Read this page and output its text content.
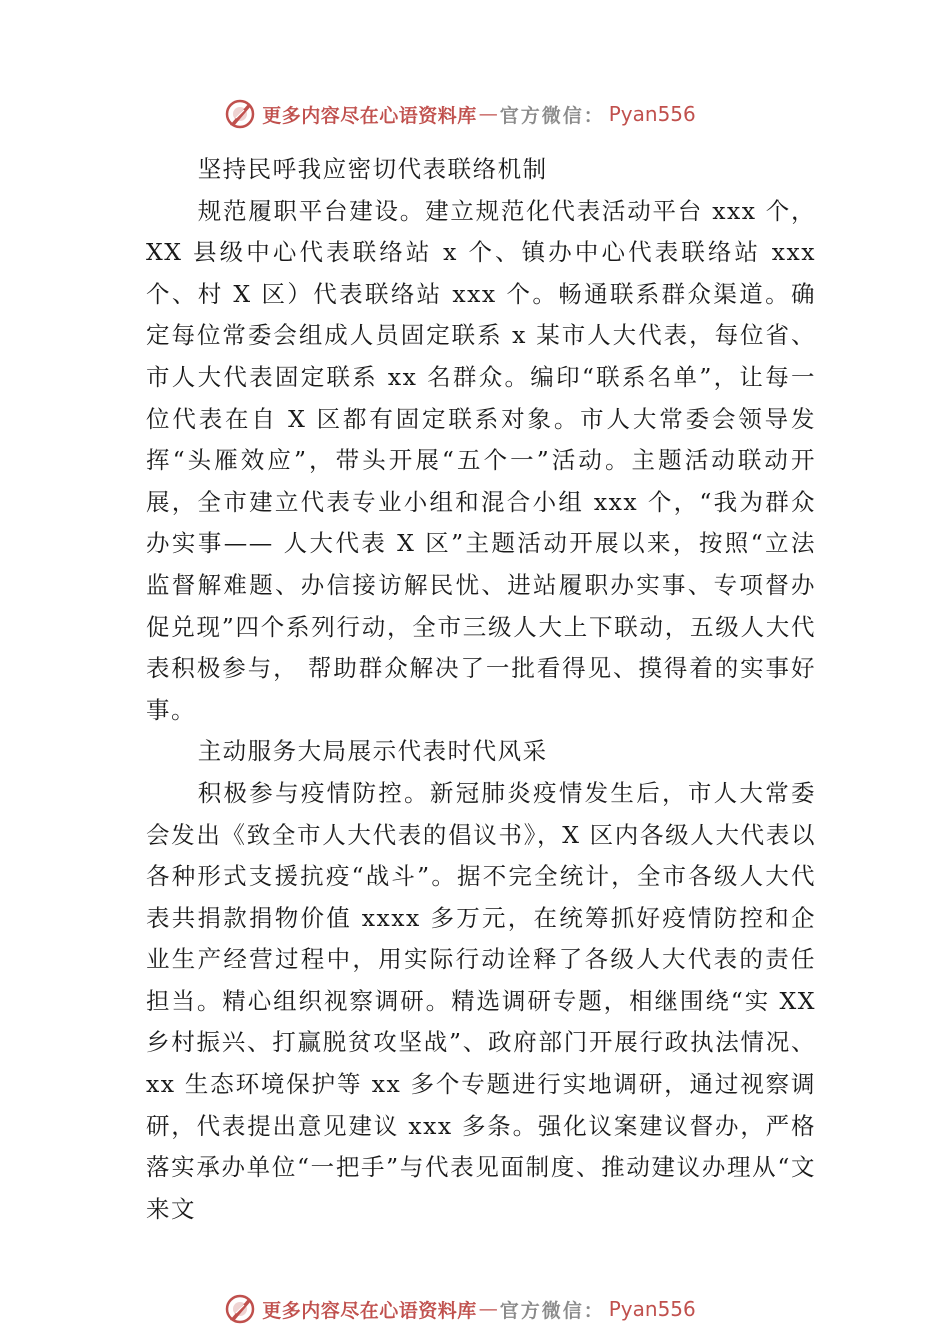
更多内容尽在心语资料库 — 官方微信： Pyan556

坚持民呼我应密切代表联络机制

规范履职平台建设。建立规范化代表活动平台 xxx 个，XX 县级中心代表联络站 x 个、镇办中心代表联络站 xxx 个、村 X 区）代表联络站 xxx 个。畅通联系群众渠道。确定每位常委会组成人员固定联系 x 某市人大代表，每位省、市人大代表固定联系 xx 名群众。编印“联系名单”，让每一位代表在自 X 区都有固定联系对象。市人大常委会领导发挥“头雁效应”，带头开展“五个一”活动。主题活动联动开展，全市建立代表专业小组和混合小组 xxx 个，“我为群众办实事—— 人大代表 X 区”主题活动开展以来，按照“立法监督解难题、办信接访解民忧、进站履职办实事、专项督办促兑现”四个系列行动，全市三级人大上下联动，五级人大代表积极参与， 帮助群众解决了一批看得见、摸得着的实事好事。

主动服务大局展示代表时代风采

积极参与疫情防控。新冠肺炎疫情发生后，市人大常委会发出《致全市人大代表的倡议书》，X 区内各级人大代表以各种形式支援抗疫“战斗”。据不完全统计，全市各级人大代表共捐款捐物价值 xxxx 多万元，在统筹抓好疫情防控和企业生产经营过程中，用实际行动诠释了各级人大代表的责任担当。精心组织视察调研。精选调研专题，相继围绕“实 XX 乡村振兴、打赢脱贫攻坚战”、政府部门开展行政执法情况、xx 生态环境保护等 xx 多个专题进行实地调研，通过视察调研，代表提出意见建议 xxx 多条。强化议案建议督办，严格落实承办单位“一把手”与代表见面制度、推动建议办理从“文来文

更多内容尽在心语资料库 — 官方微信： Pyan556
